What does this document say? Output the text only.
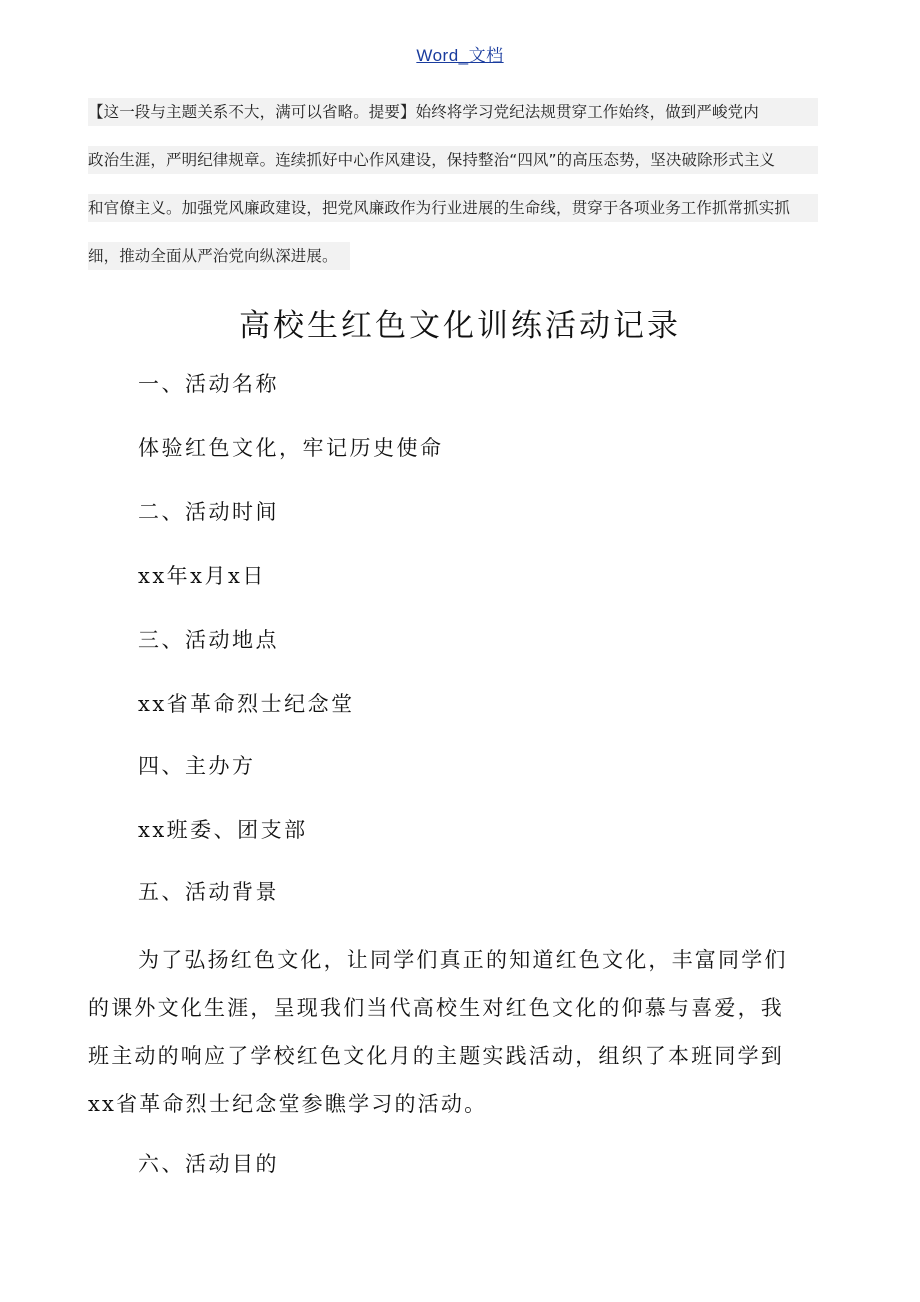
Word_文档
【这一段与主题关系不大，满可以省略。提要】始终将学习党纪法规贯穿工作始终，做到严峻党内
政治生涯，严明纪律规章。连续抓好中心作风建设，保持整治“四风”的高压态势，坚决破除形式主义
和官僚主义。加强党风廉政建设，把党风廉政作为行业进展的生命线，贯穿于各项业务工作抓常抓实抓
细，推动全面从严治党向纵深进展。
高校生红色文化训练活动记录
一、活动名称
体验红色文化，牢记历史使命
二、活动时间
xx年x月x日
三、活动地点
xx省革命烈士纪念堂
四、主办方
xx班委、团支部
五、活动背景
为了弘扬红色文化，让同学们真正的知道红色文化，丰富同学们
的课外文化生涯，呈现我们当代高校生对红色文化的仰慕与喜爱，我
班主动的响应了学校红色文化月的主题实践活动，组织了本班同学到
xx省革命烈士纪念堂参瞧学习的活动。
六、活动目的
